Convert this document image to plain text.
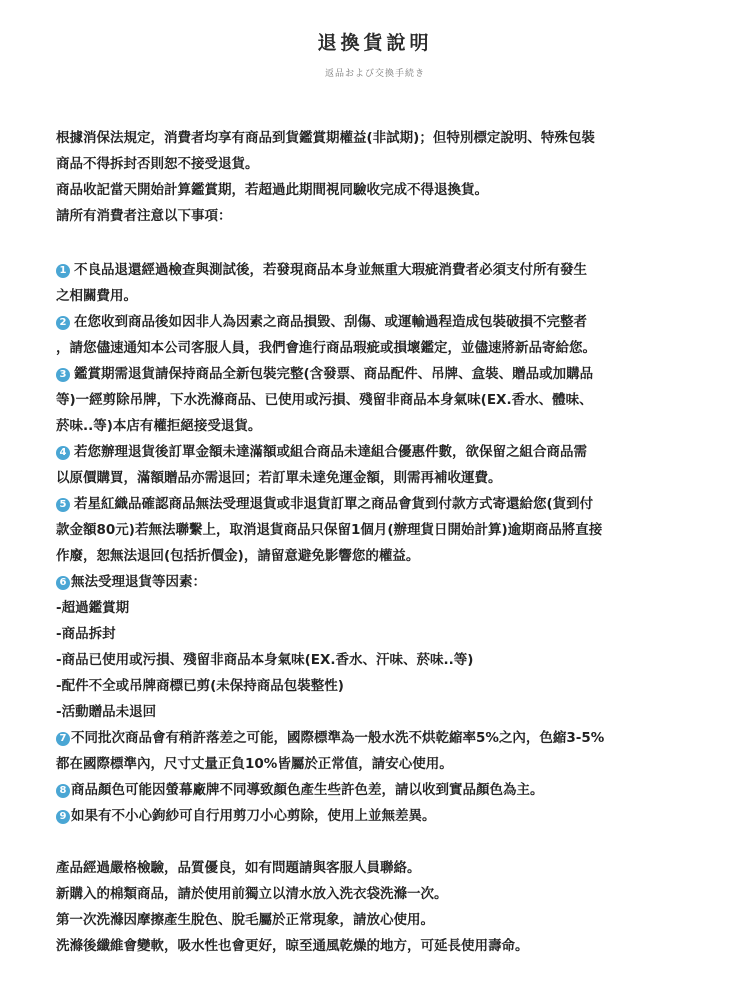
退換貨說明
返品および交換手続き
根據消保法規定，消費者均享有商品到貨鑑賞期權益(非試期)；但特別標定說明、特殊包裝
商品不得拆封否則恕不接受退貨。
商品收記當天開始計算鑑賞期，若超過此期間視同驗收完成不得退換貨。
請所有消費者注意以下事項：
1 不良品退還經過檢查與測試後，若發現商品本身並無重大瑕疵消費者必須支付所有發生
之相關費用。
2 在您收到商品後如因非人為因素之商品損毀、刮傷、或運輸過程造成包裝破損不完整者
，請您儘速通知本公司客服人員，我們會進行商品瑕疵或損壞鑑定，並儘速將新品寄給您。
3 鑑賞期需退貨請保持商品全新包裝完整(含發票、商品配件、吊牌、盒裝、贈品或加購品
等)一經剪除吊牌，下水洗滌商品、已使用或污損、殘留非商品本身氣味(EX.香水、體味、
菸味..等)本店有權拒絕接受退貨。
4 若您辦理退貨後訂單金額未達滿額或組合商品未達組合優惠件數，欲保留之組合商品需
以原價購買，滿額贈品亦需退回；若訂單未達免運金額，則需再補收運費。
5 若星紅織品確認商品無法受理退貨或非退貨訂單之商品會貨到付款方式寄還給您(貨到付
款金額80元)若無法聯繫上，取消退貨商品只保留1個月(辦理貨日開始計算)逾期商品將直接
作廢，恕無法退回(包括折價金)，請留意避免影響您的權益。
6 無法受理退貨等因素：
-超過鑑賞期
-商品拆封
-商品已使用或污損、殘留非商品本身氣味(EX.香水、汗味、菸味..等)
-配件不全或吊牌商標已剪(未保持商品包裝整性)
-活動贈品未退回
7 不同批次商品會有稍許落差之可能，國際標準為一般水洗不烘乾縮率5%之內，色縮3-5%
都在國際標準內，尺寸丈量正負10%皆屬於正常值，請安心使用。
8 商品顏色可能因螢幕廠牌不同導致顏色產生些許色差，請以收到實品顏色為主。
9 如果有不小心鉤紗可自行用剪刀小心剪除，使用上並無差異。
產品經過嚴格檢驗，品質優良，如有問題請與客服人員聯絡。
新購入的棉類商品，請於使用前獨立以清水放入洗衣袋洗滌一次。
第一次洗滌因摩擦產生脫色、脫毛屬於正常現象，請放心使用。
洗滌後纖維會變軟，吸水性也會更好，晾至通風乾燥的地方，可延長使用壽命。
